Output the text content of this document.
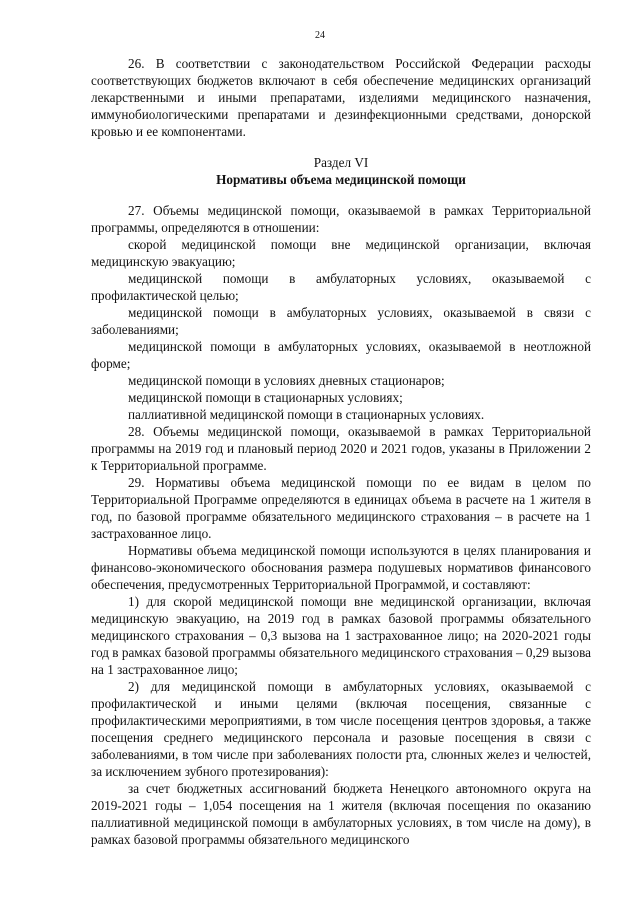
24

26. В соответствии с законодательством Российской Федерации расходы соответствующих бюджетов включают в себя обеспечение медицинских организаций лекарственными и иными препаратами, изделиями медицинского назначения, иммунобиологическими препаратами и дезинфекционными средствами, донорской кровью и ее компонентами.

Раздел VI

Нормативы объема медицинской помощи

27. Объемы медицинской помощи, оказываемой в рамках Территориальной программы, определяются в отношении:

скорой медицинской помощи вне медицинской организации, включая медицинскую эвакуацию;

медицинской помощи в амбулаторных условиях, оказываемой с профилактической целью;

медицинской помощи в амбулаторных условиях, оказываемой в связи с заболеваниями;

медицинской помощи в амбулаторных условиях, оказываемой в неотложной форме;

медицинской помощи в условиях дневных стационаров;

медицинской помощи в стационарных условиях;

паллиативной медицинской помощи в стационарных условиях.

28. Объемы медицинской помощи, оказываемой в рамках Территориальной программы на 2019 год и плановый период 2020 и 2021 годов, указаны в Приложении 2 к Территориальной программе.

29. Нормативы объема медицинской помощи по ее видам в целом по Территориальной Программе определяются в единицах объема в расчете на 1 жителя в год, по базовой программе обязательного медицинского страхования – в расчете на 1 застрахованное лицо.

Нормативы объема медицинской помощи используются в целях планирования и финансово-экономического обоснования размера подушевых нормативов финансового обеспечения, предусмотренных Территориальной Программой, и составляют:

1) для скорой медицинской помощи вне медицинской организации, включая медицинскую эвакуацию, на 2019 год в рамках базовой программы обязательного медицинского страхования – 0,3 вызова на 1 застрахованное лицо; на 2020-2021 годы год в рамках базовой программы обязательного медицинского страхования – 0,29 вызова на 1 застрахованное лицо;

2) для медицинской помощи в амбулаторных условиях, оказываемой с профилактической и иными целями (включая посещения, связанные с профилактическими мероприятиями, в том числе посещения центров здоровья, а также посещения среднего медицинского персонала и разовые посещения в связи с заболеваниями, в том числе при заболеваниях полости рта, слюнных желез и челюстей, за исключением зубного протезирования):

за счет бюджетных ассигнований бюджета Ненецкого автономного округа на 2019-2021 годы – 1,054 посещения на 1 жителя (включая посещения по оказанию паллиативной медицинской помощи в амбулаторных условиях, в том числе на дому), в рамках базовой программы обязательного медицинского
